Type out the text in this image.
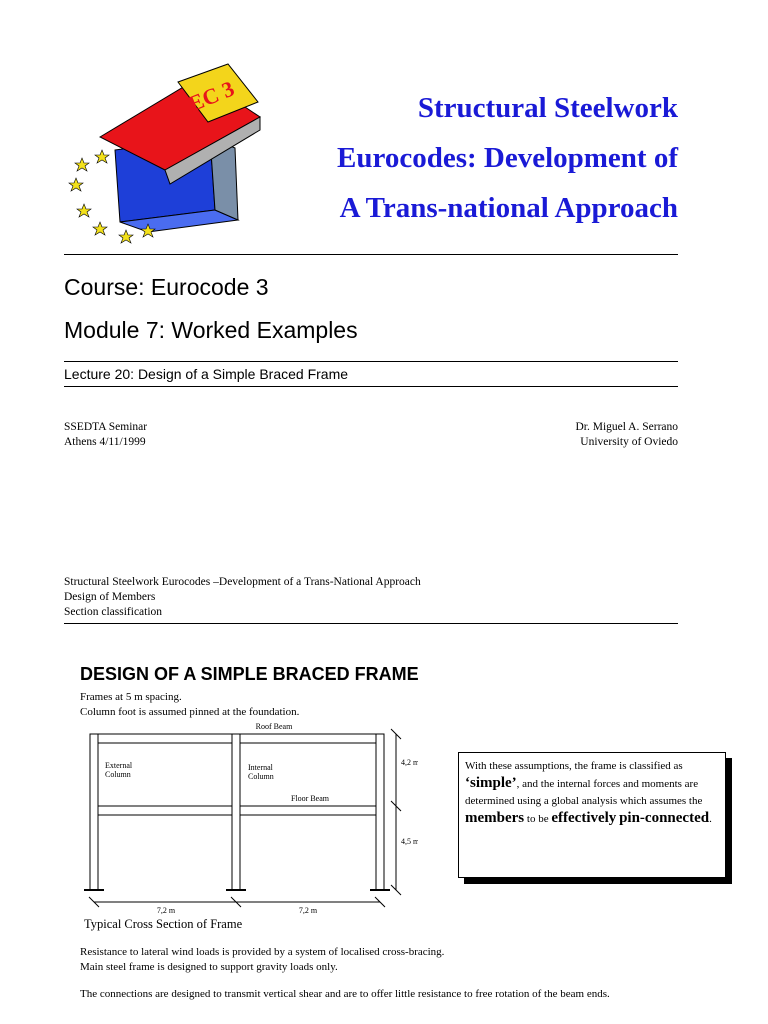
EC 3	Structural Steelwork
Eurocodes: Development of
A Trans-national Approach
Course: Eurocode 3
Module 7: Worked Examples
Lecture 20: Design of a Simple Braced Frame
SSEDTA Seminar
Athens 4/11/1999
Dr. Miguel A. Serrano
University of Oviedo
Structural Steelwork Eurocodes –Development of a Trans-National Approach
Design of Members
Section classification
DESIGN OF A SIMPLE BRACED FRAME
Frames at 5 m spacing.
Column foot is assumed pinned at the foundation.
Roof Beam
Floor Beam
External
Column
Internal
Column
4,2 m
4,5 m
7,2 m	7,2 m
Typical Cross Section of Frame
With these assumptions, the frame is classified as
‘simple’, and the internal forces and moments are determined using a global analysis which assumes the members to be effectively pin-connected.
Resistance to lateral wind loads is provided by a system of localised cross-bracing.
Main steel frame is designed to support gravity loads only.
The connections are designed to transmit vertical shear and are to offer little resistance to free rotation of the beam ends.
